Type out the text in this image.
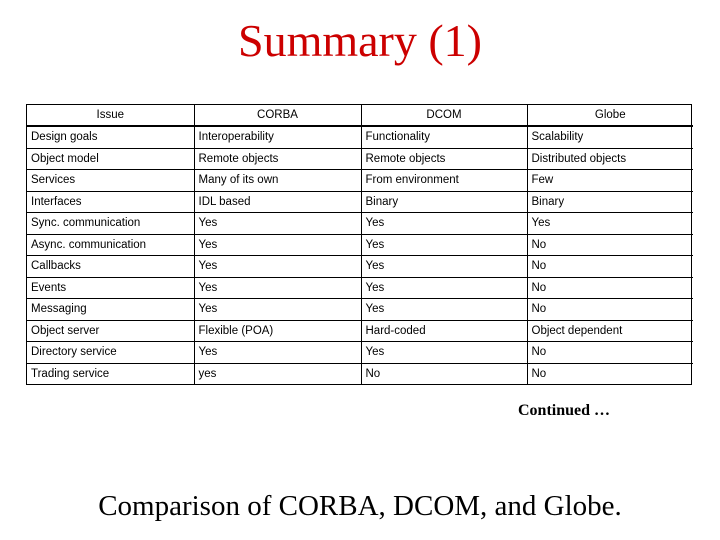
Summary (1)
Issue	CORBA	DCOM	Globe
Design goals	Interoperability	Functionality	Scalability
Object model	Remote objects	Remote objects	Distributed objects
Services	Many of its own	From environment	Few
Interfaces	IDL based	Binary	Binary
Sync. communication	Yes	Yes	Yes
Async. communication	Yes	Yes	No
Callbacks	Yes	Yes	No
Events	Yes	Yes	No
Messaging	Yes	Yes	No
Object server	Flexible (POA)	Hard-coded	Object dependent
Directory service	Yes	Yes	No
Trading service	yes	No	No
Continued …
Comparison of CORBA, DCOM, and Globe.
